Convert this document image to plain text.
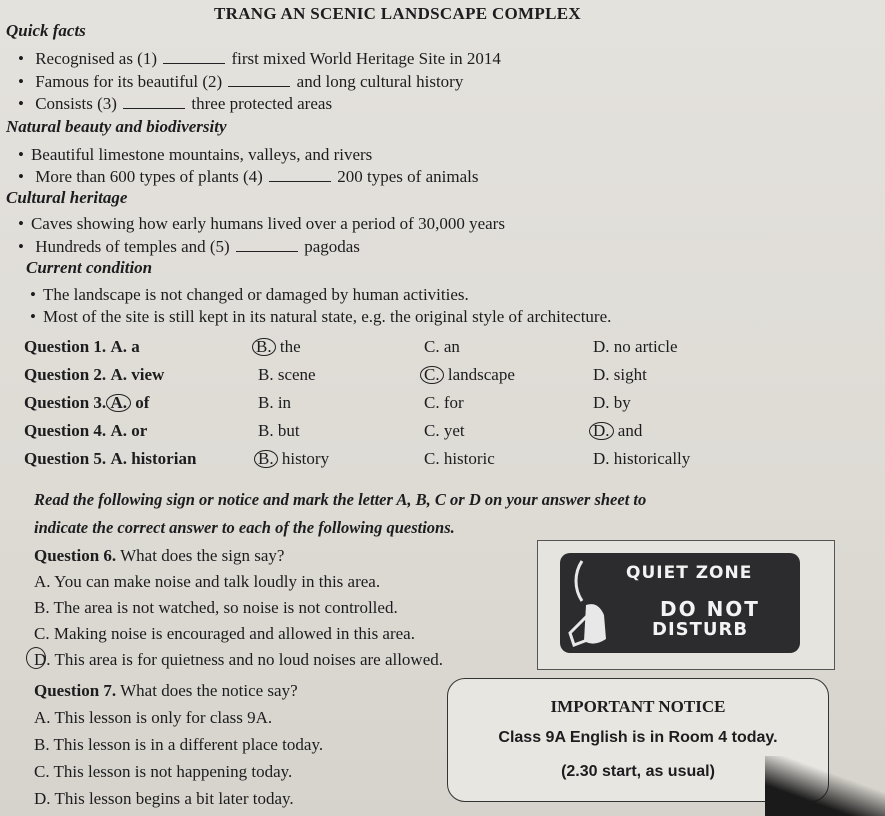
TRANG AN SCENIC LANDSCAPE COMPLEX
Quick facts
• Recognised as (1)	first mixed World Heritage Site in 2014
• Famous for its beautiful (2)	and long cultural history
• Consists (3)	three protected areas
Natural beauty and biodiversity
• Beautiful limestone mountains, valleys, and rivers
• More than 600 types of plants (4)	200 types of animals
Cultural heritage
• Caves showing how early humans lived over a period of 30,000 years
• Hundreds of temples and (5)	pagodas
Current condition
• The landscape is not changed or damaged by human activities.
• Most of the site is still kept in its natural state, e.g. the original style of architecture.
Question 1. A. a	B. the	C. an	D. no article
Question 2. A. view	B. scene	C. landscape	D. sight
Question 3. A. of	B. in	C. for	D. by
Question 4. A. or	B. but	C. yet	D. and
Question 5. A. historian	B. history	C. historic	D. historically
Read the following sign or notice and mark the letter A, B, C or D on your answer sheet to
indicate the correct answer to each of the following questions.
Question 6. What does the sign say?
A. You can make noise and talk loudly in this area.
B. The area is not watched, so noise is not controlled.
C. Making noise is encouraged and allowed in this area.
D. This area is for quietness and no loud noises are allowed.
QUIET ZONE
DO NOT
DISTURB
Question 7. What does the notice say?
A. This lesson is only for class 9A.
B. This lesson is in a different place today.
C. This lesson is not happening today.
D. This lesson begins a bit later today.
IMPORTANT NOTICE
Class 9A English is in Room 4 today.
(2.30 start, as usual)
